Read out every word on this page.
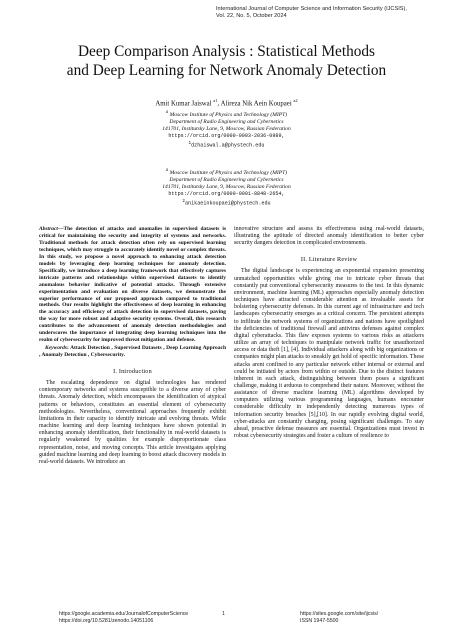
International Journal of Computer Science and Information Security (IJCSIS),
Vol. 22, No. 5, October 2024
Deep Comparison Analysis : Statistical Methods
and Deep Learning for Network Anomaly Detection
Amit Kumar Jaiswal $^{a1}$, Alireza Nik Aein Koupaei $^{a2}$
$^a$ Moscow Institute of Physics and Technology (MIPT)
Department of Radio Engineering and Cybernetics
141701, Institutsky Lane, 9, Moscow, Russian Federation
https://orcid.org/0000-0003-2036-0989,
$^1$dzhaiswal.a@phystech.edu
$^a$ Moscow Institute of Physics and Technology (MIPT)
Department of Radio Engineering and Cybernetics
141701, Institutsky Lane, 9, Moscow, Russian Federation
https://orcid.org/0000-0001-8848-2654,
$^2$anikaeinkoupaei@phystech.edu

Abstract—The detection of attacks and anomalies in supervised datasets is critical for maintaining the security and integrity of systems and networks. Traditional methods for attack detection often rely on supervised learning techniques, which may struggle to accurately identify novel or complex threats. In this study, we propose a novel approach to enhancing attack detection models by leveraging deep learning techniques for anomaly detection. Specifically, we introduce a deep learning framework that effectively captures intricate patterns and relationships within supervised datasets to identify anomalous behavior indicative of potential attacks. Through extensive experimentation and evaluation on diverse datasets, we demonstrate the superior performance of our proposed approach compared to traditional methods. Our results highlight the effectiveness of deep learning in enhancing the accuracy and efficiency of attack detection in supervised datasets, paving the way for more robust and adaptive security systems. Overall, this research contributes to the advancement of anomaly detection methodologies and underscores the importance of integrating deep learning techniques into the realm of cybersecurity for improved threat mitigation and defense.

Keywords: Attack Detection , Supervised Datasets , Deep Learning Approach , Anomaly Detection , Cybersecurity.

I. Introduction

The escalating dependence on digital technologies has rendered contemporary networks and systems susceptible to a diverse array of cyber threats. Anomaly detection, which encompasses the identification of atypical patterns or behaviors, constitutes an essential element of cybersecurity methodologies. Nevertheless, conventional approaches frequently exhibit limitations in their capacity to identify intricate and evolving threats. While machine learning and deep learning techniques have shown potential in enhancing anomaly identification, their functionality in real-world datasets is regularly weakened by qualities for example disproportionate class representation, noise, and moving concepts. This article investigates applying guided machine learning and deep learning to boost attack discovery models in real-world datasets. We introduce an

innovative structure and assess its effectiveness using real-world datasets, illustrating the aptitude of directed anomaly identification to better cyber security dangers detection in complicated environments.

II. Literature Review

The digital landscape is experiencing an exponential expansion presenting unmatched opportunities while giving rise to intricate cyber threats that constantly put conventional cybersecurity measures to the test. In this dynamic environment, machine learning (ML) approaches especially anomaly detection techniques have attracted considerable attention as invaluable assets for bolstering cybersecurity defenses. In this current age of infrastructure and tech landscapes cybersecurity emerges as a critical concern. The persistent attempts to infiltrate the network systems of organizations and nations have spotlighted the deficiencies of traditional firewall and antivirus defenses against complex digital cyberattacks. This flaw exposes systems to various risks as attackers utilize an array of techniques to manipulate network traffic for unauthorized access or data theft [1], [4]. Individual attackers along with big organizations or companies might plan attacks to sneakily get hold of specific information. These attacks arent confined to any particular network either internal or external and could be initiated by actors from within or outside. Due to the distinct features inherent in each attack, distinguishing between them poses a significant challenge, making it arduous to comprehend their nature. Moreover, without the assistance of diverse machine learning (ML) algorithms developed by computers utilizing various programming languages, humans encounter considerable difficulty in independently detecting numerous types of information security breaches [5],[10]. In our rapidly evolving digital world, cyber-attacks are constantly changing, posing significant challenges. To stay ahead, proactive defense measures are essential. Organizations must invest in robust cybersecurity strategies and foster a culture of resilience to

https://google.academia.edu/JournalofComputerScience
https://doi.org/10.5281/zenodo.14051106
1	https://sites.google.com/site/ijcsis/
ISSN 1947-5500
